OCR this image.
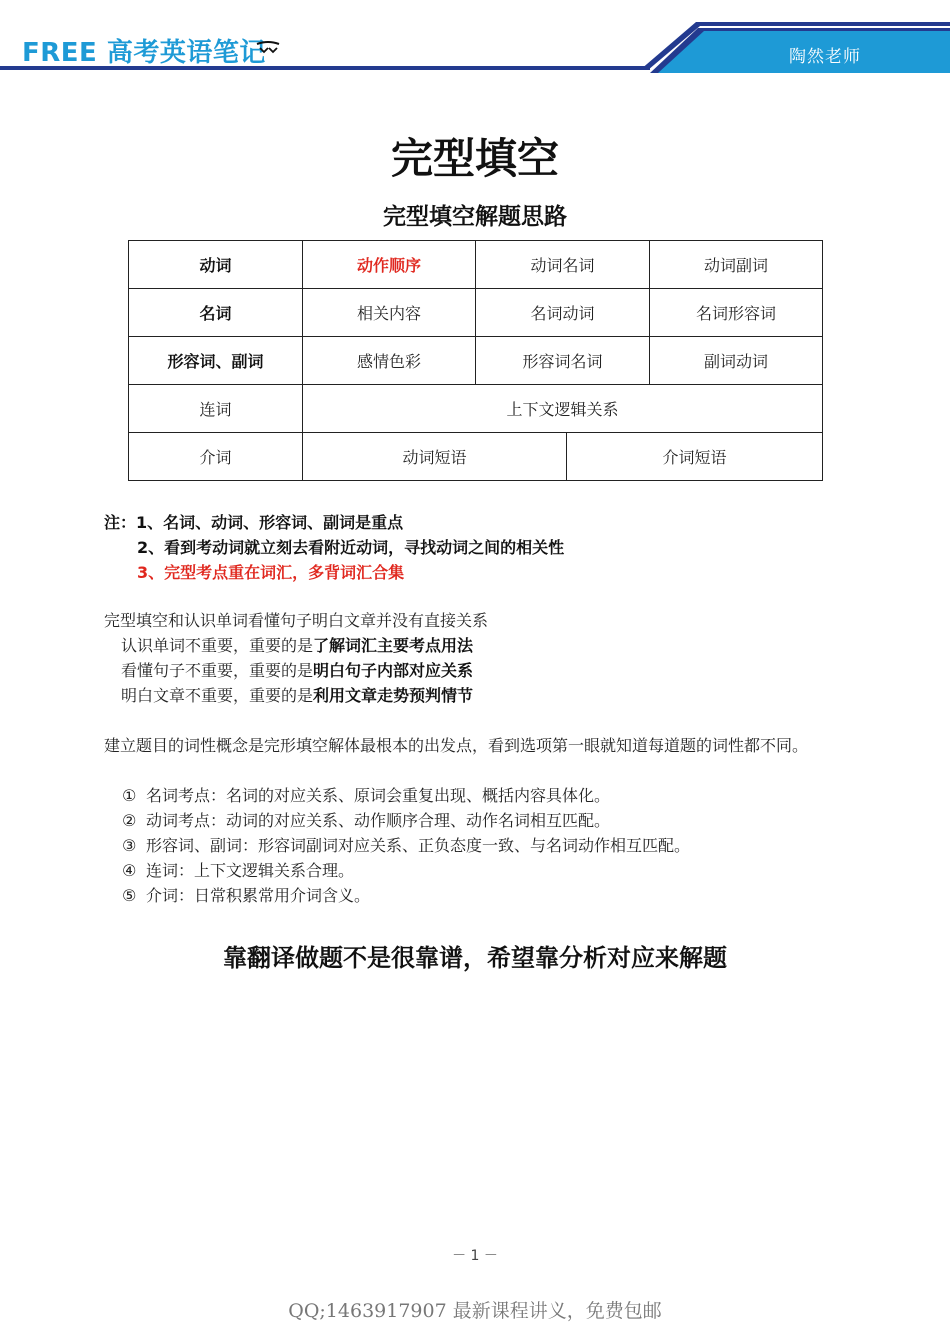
FREE 高考英语笔记	陶然老师
完型填空
完型填空解题思路
动词	动作顺序	动词名词		动词副词
名词	相关内容	名词动词		名词形容词
形容词、副词	感情色彩	形容词名词		副词动词
连词	上下文逻辑关系			
介词	动词短语		介词短语	
注：1、名词、动词、形容词、副词是重点
2、看到考动词就立刻去看附近动词，寻找动词之间的相关性
3、完型考点重在词汇，多背词汇合集
完型填空和认识单词看懂句子明白文章并没有直接关系
认识单词不重要，重要的是了解词汇主要考点用法
看懂句子不重要，重要的是明白句子内部对应关系
明白文章不重要，重要的是利用文章走势预判情节
建立题目的词性概念是完形填空解体最根本的出发点，看到选项第一眼就知道每道题的词性都不同。
① 名词考点：名词的对应关系、原词会重复出现、概括内容具体化。
② 动词考点：动词的对应关系、动作顺序合理、动作名词相互匹配。
③ 形容词、副词：形容词副词对应关系、正负态度一致、与名词动作相互匹配。
④ 连词：上下文逻辑关系合理。
⑤ 介词：日常积累常用介词含义。
靠翻译做题不是很靠谱，希望靠分析对应来解题
－ 1 －
QQ;1463917907 最新课程讲义，免费包邮
